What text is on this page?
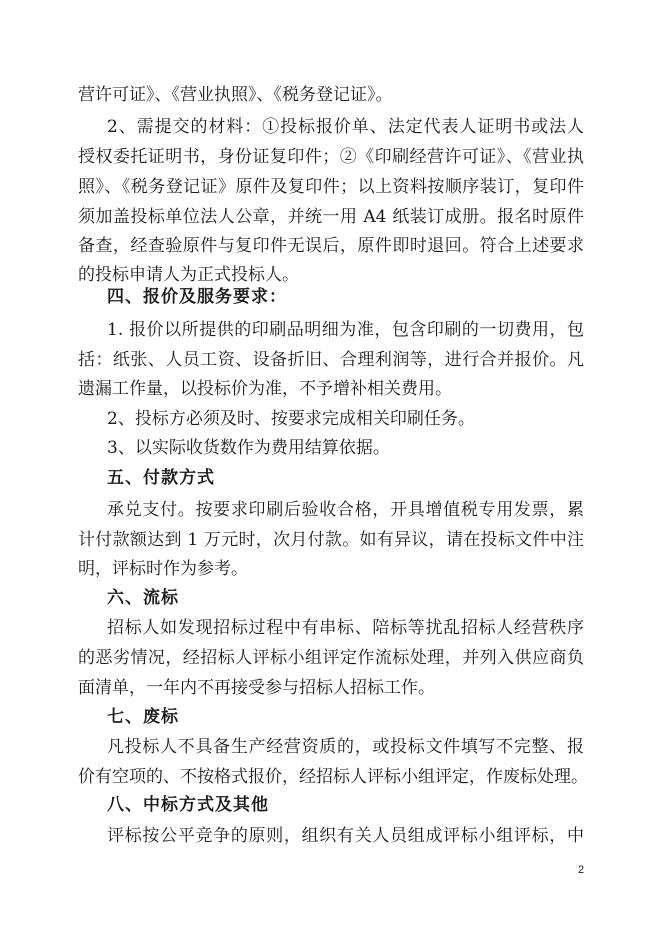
营许可证》、《营业执照》、《税务登记证》。
2、需提交的材料：①投标报价单、法定代表人证明书或法人
授权委托证明书，身份证复印件；②《印刷经营许可证》、《营业执
照》、《税务登记证》原件及复印件；以上资料按顺序装订，复印件
须加盖投标单位法人公章，并统一用 A4 纸装订成册。报名时原件
备查，经查验原件与复印件无误后，原件即时退回。符合上述要求
的投标申请人为正式投标人。
四、报价及服务要求：
1. 报价以所提供的印刷品明细为准，包含印刷的一切费用，包
括：纸张、人员工资、设备折旧、合理利润等，进行合并报价。凡
遗漏工作量，以投标价为准，不予增补相关费用。
2、投标方必须及时、按要求完成相关印刷任务。
3、以实际收货数作为费用结算依据。
五、付款方式
承兑支付。按要求印刷后验收合格，开具增值税专用发票，累
计付款额达到 1 万元时，次月付款。如有异议，请在投标文件中注
明，评标时作为参考。
六、流标
招标人如发现招标过程中有串标、陪标等扰乱招标人经营秩序
的恶劣情况，经招标人评标小组评定作流标处理，并列入供应商负
面清单，一年内不再接受参与招标人招标工作。
七、废标
凡投标人不具备生产经营资质的，或投标文件填写不完整、报
价有空项的、不按格式报价，经招标人评标小组评定，作废标处理。
八、中标方式及其他
评标按公平竞争的原则，组织有关人员组成评标小组评标，中
2
